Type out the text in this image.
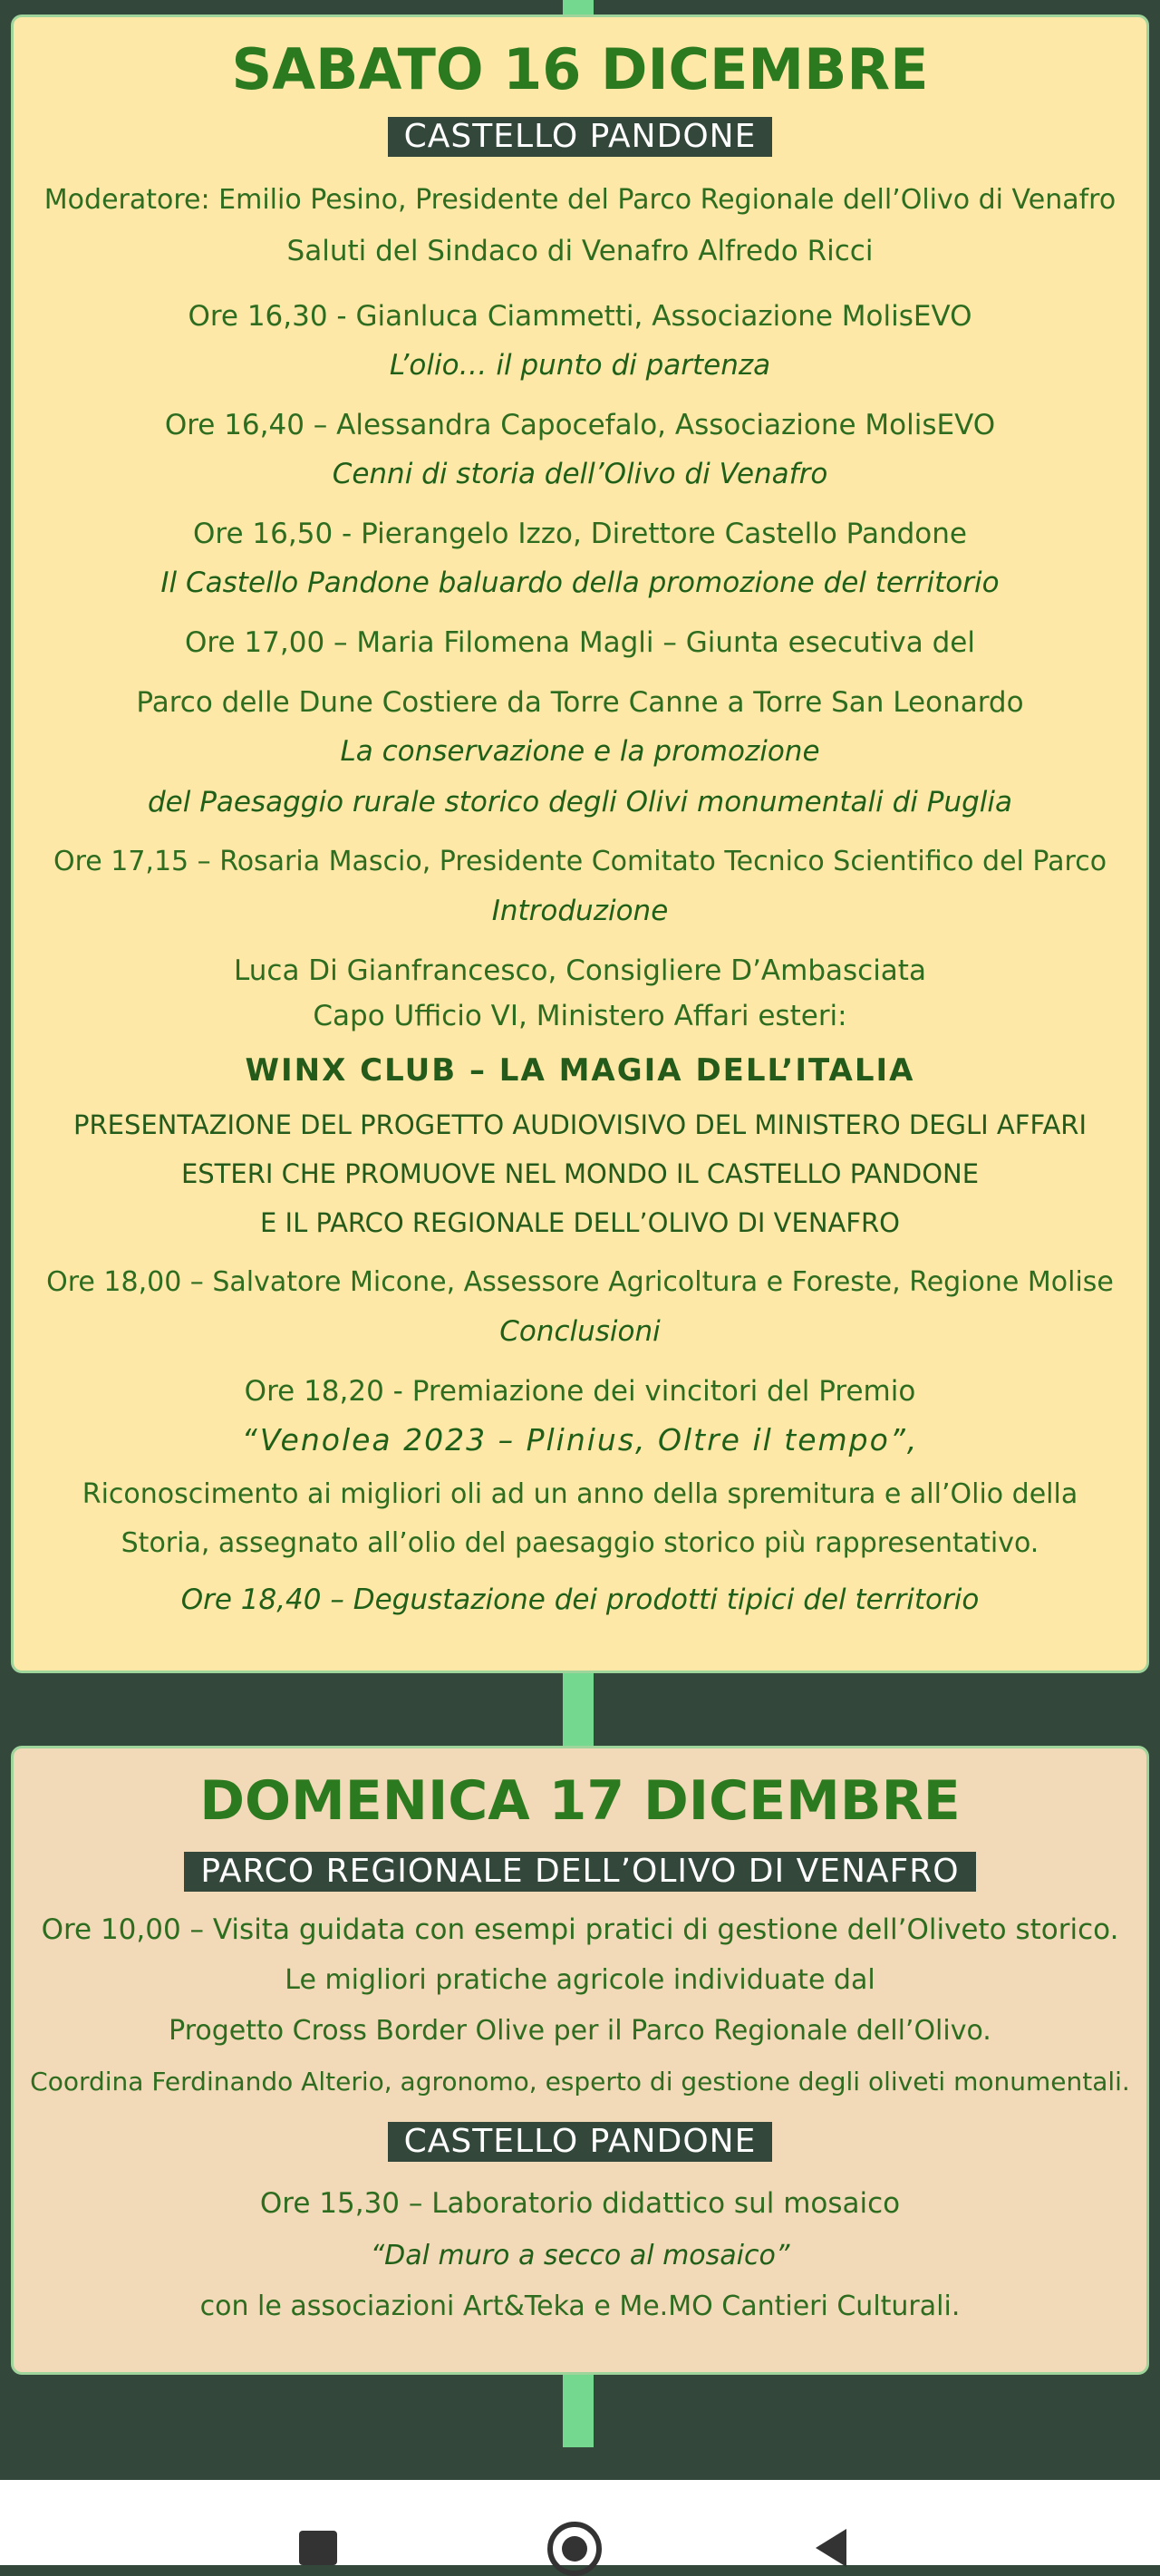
SABATO 16 DICEMBRE
CASTELLO PANDONE
Moderatore: Emilio Pesino, Presidente del Parco Regionale dell’Olivo di Venafro
Saluti del Sindaco di Venafro Alfredo Ricci
Ore 16,30 - Gianluca Ciammetti, Associazione MolisEVO
L’olio… il punto di partenza
Ore 16,40 – Alessandra Capocefalo, Associazione MolisEVO
Cenni di storia dell’Olivo di Venafro
Ore 16,50 - Pierangelo Izzo, Direttore Castello Pandone
Il Castello Pandone baluardo della promozione del territorio
Ore 17,00 – Maria Filomena Magli – Giunta esecutiva del
Parco delle Dune Costiere da Torre Canne a Torre San Leonardo
La conservazione e la promozione
del Paesaggio rurale storico degli Olivi monumentali di Puglia
Ore 17,15 – Rosaria Mascio, Presidente Comitato Tecnico Scientifico del Parco
Introduzione
Luca Di Gianfrancesco, Consigliere D’Ambasciata
Capo Ufficio VI, Ministero Affari esteri:
WINX CLUB – LA MAGIA DELL’ITALIA
PRESENTAZIONE DEL PROGETTO AUDIOVISIVO DEL MINISTERO DEGLI AFFARI
ESTERI CHE PROMUOVE NEL MONDO IL CASTELLO PANDONE
E IL PARCO REGIONALE DELL’OLIVO DI VENAFRO
Ore 18,00 – Salvatore Micone, Assessore Agricoltura e Foreste, Regione Molise
Conclusioni
Ore 18,20 - Premiazione dei vincitori del Premio
“Venolea 2023 – Plinius, Oltre il tempo”,
Riconoscimento ai migliori oli ad un anno della spremitura e all’Olio della
Storia, assegnato all’olio del paesaggio storico più rappresentativo.
Ore 18,40 – Degustazione dei prodotti tipici del territorio
DOMENICA 17 DICEMBRE
PARCO REGIONALE DELL’OLIVO DI VENAFRO
Ore 10,00 – Visita guidata con esempi pratici di gestione dell’Oliveto storico.
Le migliori pratiche agricole individuate dal
Progetto Cross Border Olive per il Parco Regionale dell’Olivo.
Coordina Ferdinando Alterio, agronomo, esperto di gestione degli oliveti monumentali.
CASTELLO PANDONE
Ore 15,30 – Laboratorio didattico sul mosaico
“Dal muro a secco al mosaico”
con le associazioni Art&Teka e Me.MO Cantieri Culturali.
